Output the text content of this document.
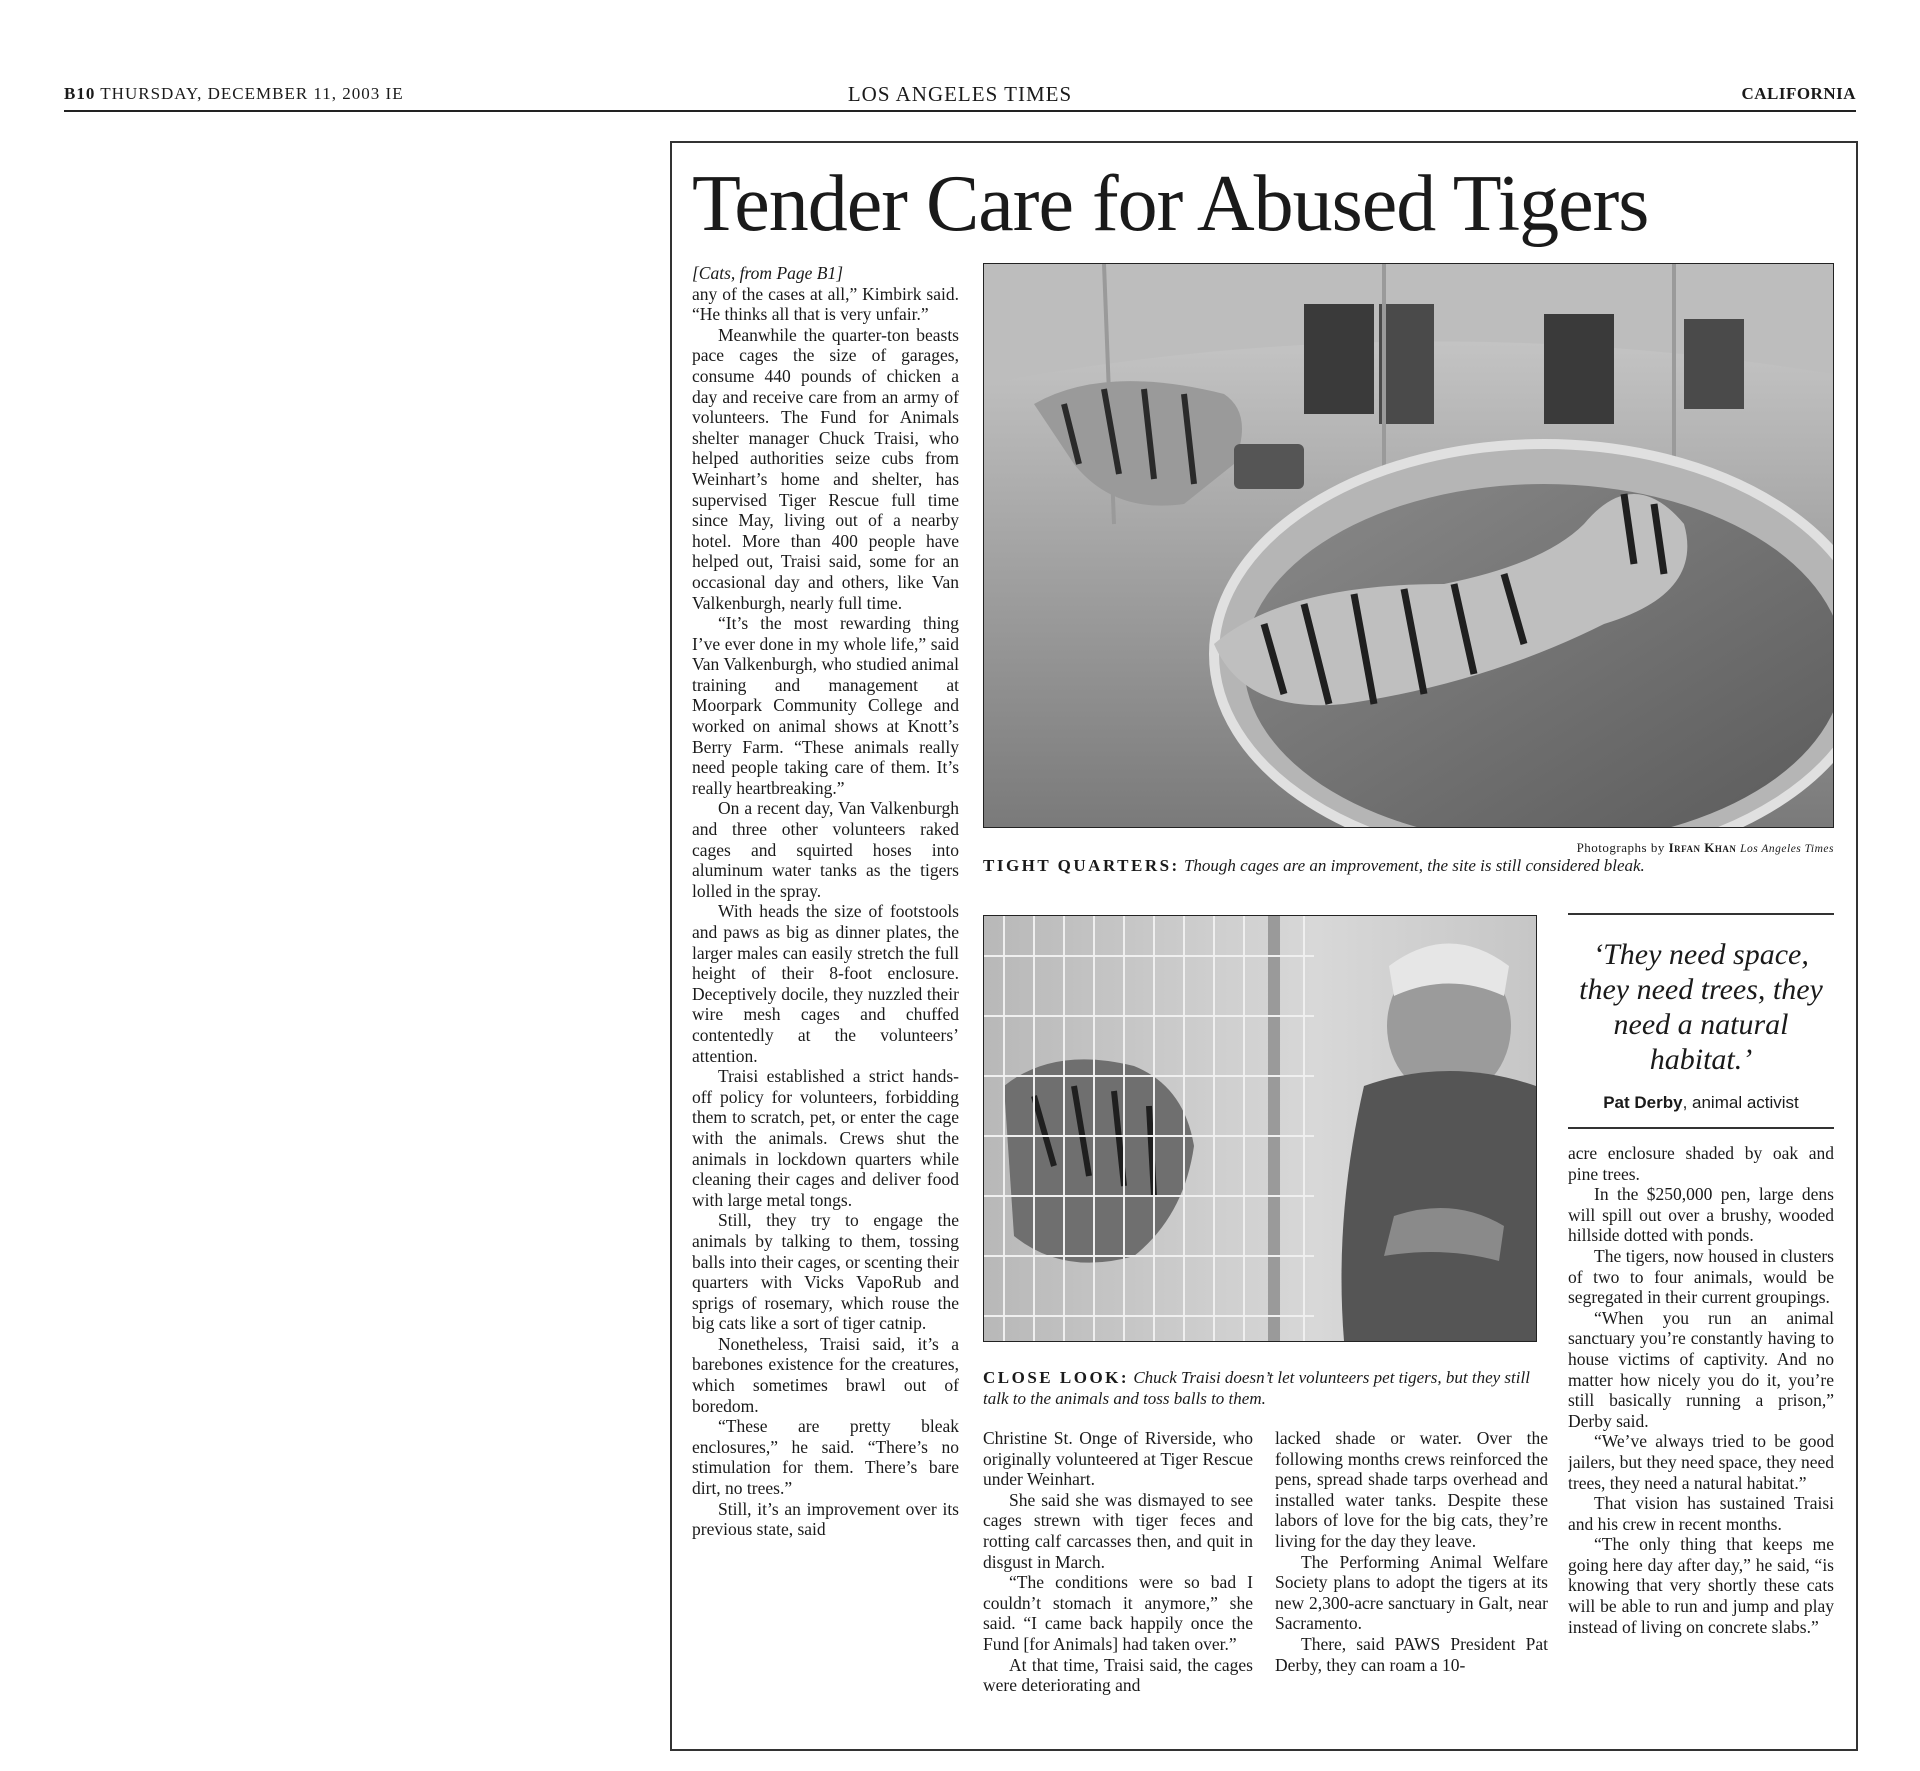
B10 THURSDAY, DECEMBER 11, 2003 IE	LOS ANGELES TIMES	CALIFORNIA
Tender Care for Abused Tigers

[Cats, from Page B1]

any of the cases at all,” Kimbirk said. “He thinks all that is very unfair.”

Meanwhile the quarter-ton beasts pace cages the size of garages, consume 440 pounds of chicken a day and receive care from an army of volunteers. The Fund for Animals shelter manager Chuck Traisi, who helped authorities seize cubs from Weinhart’s home and shelter, has supervised Tiger Rescue full time since May, living out of a nearby hotel. More than 400 people have helped out, Traisi said, some for an occasional day and others, like Van Valkenburgh, nearly full time.

“It’s the most rewarding thing I’ve ever done in my whole life,” said Van Valkenburgh, who studied animal training and management at Moorpark Community College and worked on animal shows at Knott’s Berry Farm. “These animals really need people taking care of them. It’s really heartbreaking.”

On a recent day, Van Valkenburgh and three other volunteers raked cages and squirted hoses into aluminum water tanks as the tigers lolled in the spray.

With heads the size of footstools and paws as big as dinner plates, the larger males can easily stretch the full height of their 8-foot enclosure. Deceptively docile, they nuzzled their wire mesh cages and chuffed contentedly at the volunteers’ attention.

Traisi established a strict hands-off policy for volunteers, forbidding them to scratch, pet, or enter the cage with the animals. Crews shut the animals in lockdown quarters while cleaning their cages and deliver food with large metal tongs.

Still, they try to engage the animals by talking to them, tossing balls into their cages, or scenting their quarters with Vicks VapoRub and sprigs of rosemary, which rouse the big cats like a sort of tiger catnip.

Nonetheless, Traisi said, it’s a barebones existence for the creatures, which sometimes brawl out of boredom.

“These are pretty bleak enclosures,” he said. “There’s no stimulation for them. There’s bare dirt, no trees.”

Still, it’s an improvement over its previous state, said

Photographs by Irfan Khan Los Angeles Times
TIGHT QUARTERS: Though cages are an improvement, the site is still considered bleak.
CLOSE LOOK: Chuck Traisi doesn’t let volunteers pet tigers, but they still talk to the animals and toss balls to them.
‘They need space, they need trees, they need a natural habitat.’
Pat Derby, animal activist

Christine St. Onge of Riverside, who originally volunteered at Tiger Rescue under Weinhart.

She said she was dismayed to see cages strewn with tiger feces and rotting calf carcasses then, and quit in disgust in March.

“The conditions were so bad I couldn’t stomach it anymore,” she said. “I came back happily once the Fund [for Animals] had taken over.”

At that time, Traisi said, the cages were deteriorating and

lacked shade or water. Over the following months crews reinforced the pens, spread shade tarps overhead and installed water tanks. Despite these labors of love for the big cats, they’re living for the day they leave.

The Performing Animal Welfare Society plans to adopt the tigers at its new 2,300-acre sanctuary in Galt, near Sacramento.

There, said PAWS President Pat Derby, they can roam a 10-

acre enclosure shaded by oak and pine trees.

In the $250,000 pen, large dens will spill out over a brushy, wooded hillside dotted with ponds.

The tigers, now housed in clusters of two to four animals, would be segregated in their current groupings.

“When you run an animal sanctuary you’re constantly having to house victims of captivity. And no matter how nicely you do it, you’re still basically running a prison,” Derby said.

“We’ve always tried to be good jailers, but they need space, they need trees, they need a natural habitat.”

That vision has sustained Traisi and his crew in recent months.

“The only thing that keeps me going here day after day,” he said, “is knowing that very shortly these cats will be able to run and jump and play instead of living on concrete slabs.”
